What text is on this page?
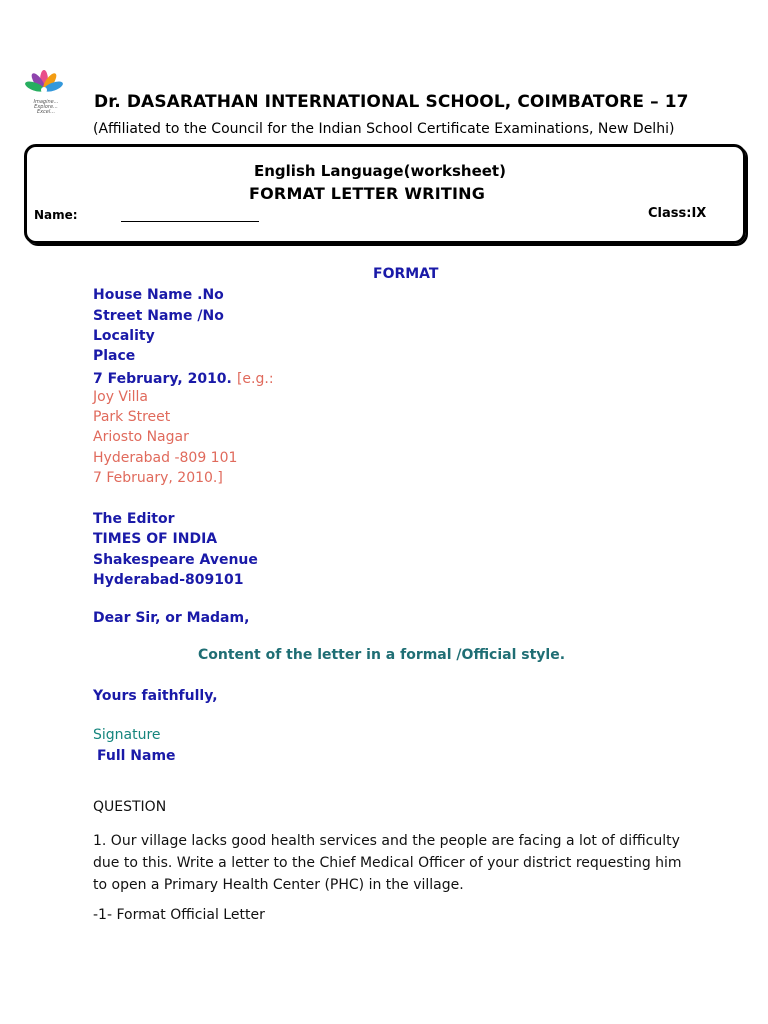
Imagine... Explore... Excel...	Dr. DASARATHAN INTERNATIONAL SCHOOL, COIMBATORE – 17
(Affiliated to the Council for the Indian School Certificate Examinations, New Delhi)
English Language(worksheet)
FORMAT LETTER WRITING
Name:	Class:IX
FORMAT
House Name .No
Street Name /No
Locality
Place
7 February, 2010. [e.g.:
Joy Villa
Park Street
Ariosto Nagar
Hyderabad -809 101
7 February, 2010.]
The Editor
TIMES OF INDIA
Shakespeare Avenue
Hyderabad-809101
Dear Sir, or Madam,
Content of the letter in a formal /Official style.
Yours faithfully,
Signature
Full Name
QUESTION
1. Our village lacks good health services and the people are facing a lot of difficulty due to this. Write a letter to the Chief Medical Officer of your district requesting him to open a Primary Health Center (PHC) in the village.
-1- Format Official Letter
